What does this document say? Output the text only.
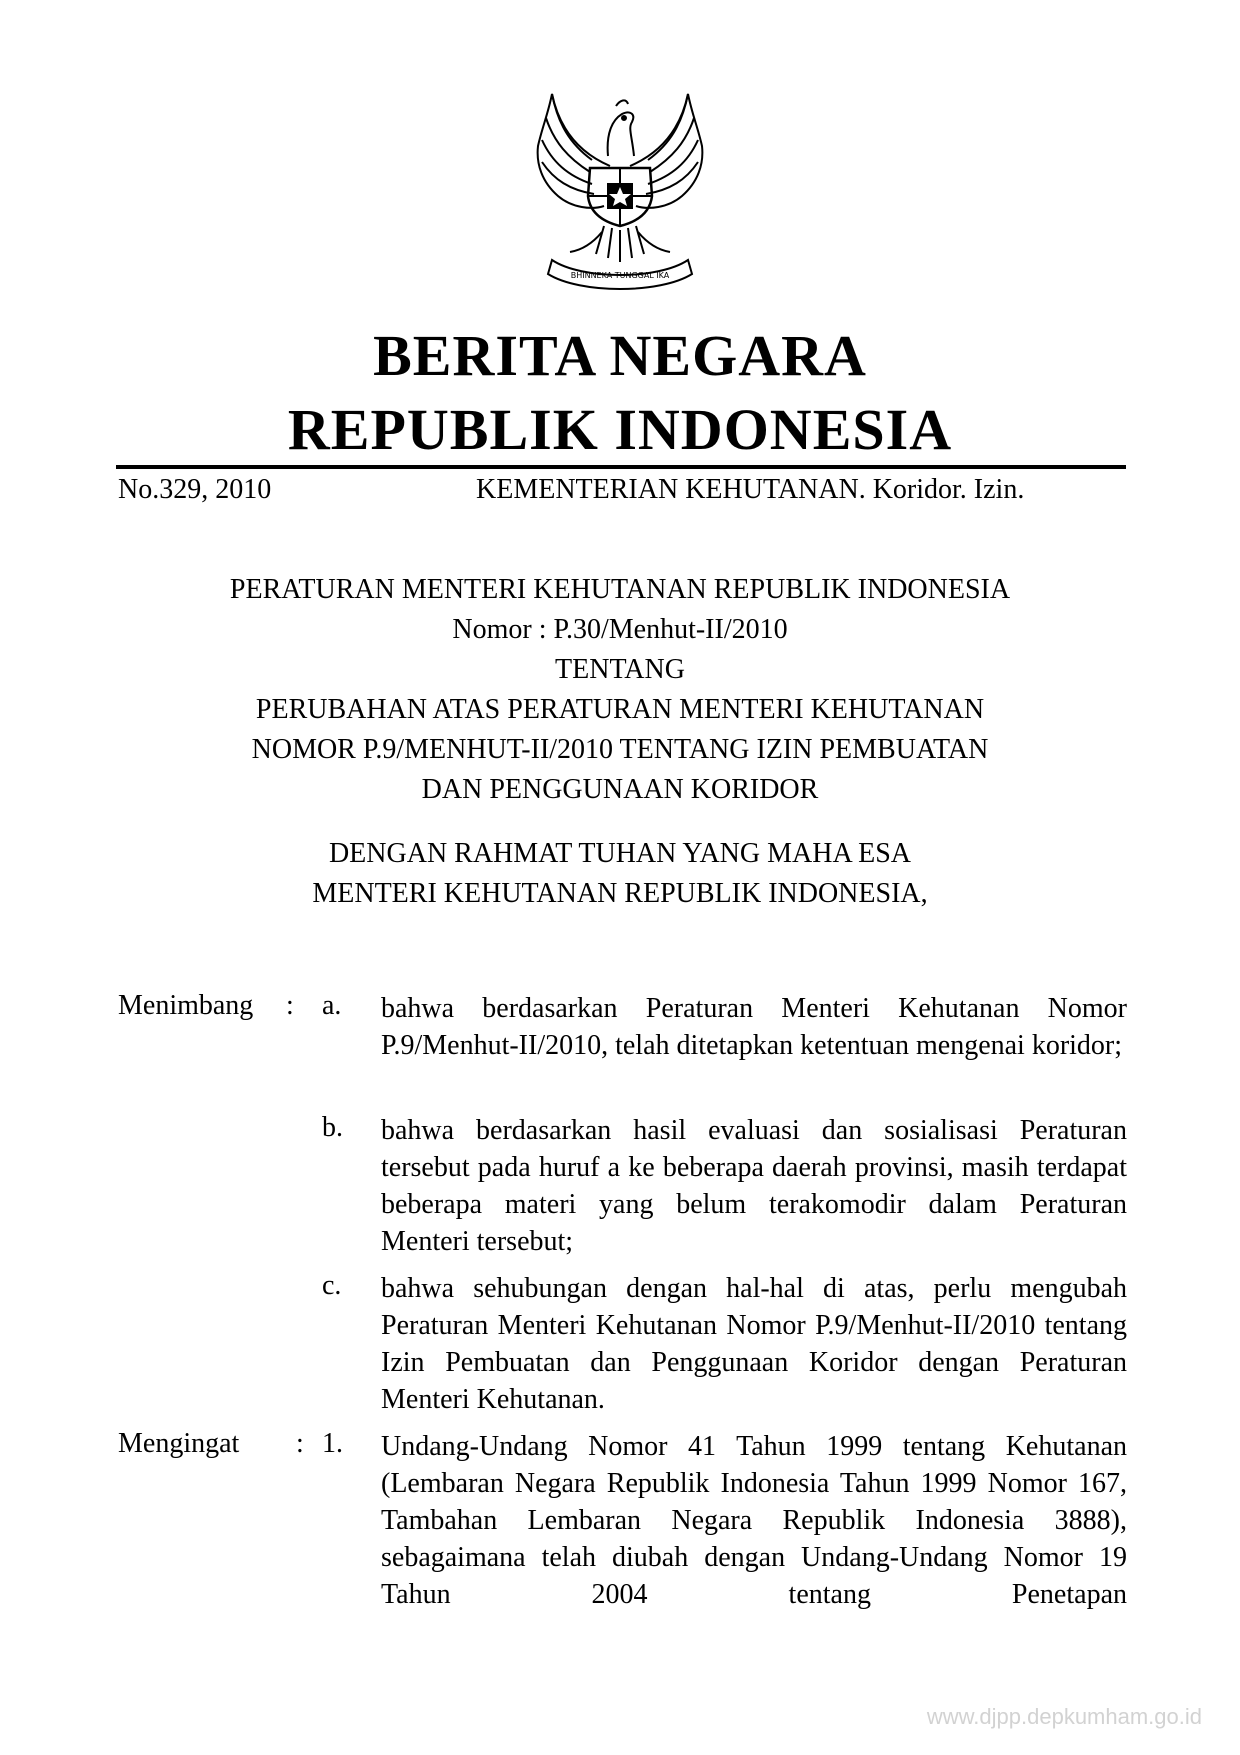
BHINNEKA TUNGGAL IKA
BERITA NEGARA
REPUBLIK INDONESIA
No.329, 2010	KEMENTERIAN KEHUTANAN. Koridor. Izin.
PERATURAN MENTERI KEHUTANAN REPUBLIK INDONESIA
Nomor : P.30/Menhut-II/2010
TENTANG
PERUBAHAN ATAS PERATURAN MENTERI KEHUTANAN
NOMOR P.9/MENHUT-II/2010 TENTANG IZIN PEMBUATAN
DAN PENGGUNAAN KORIDOR
DENGAN RAHMAT TUHAN YANG MAHA ESA
MENTERI KEHUTANAN REPUBLIK INDONESIA,
Menimbang : a. bahwa berdasarkan Peraturan Menteri Kehutanan Nomor P.9/Menhut-II/2010, telah ditetapkan ketentuan mengenai koridor;

b. bahwa berdasarkan hasil evaluasi dan sosialisasi Peraturan tersebut pada huruf a ke beberapa daerah provinsi, masih terdapat beberapa materi yang belum terakomodir dalam Peraturan Menteri tersebut;

c. bahwa sehubungan dengan hal-hal di atas, perlu mengubah Peraturan Menteri Kehutanan Nomor P.9/Menhut-II/2010 tentang Izin Pembuatan dan Penggunaan Koridor dengan Peraturan Menteri Kehutanan.

Mengingat : 1. Undang-Undang Nomor 41 Tahun 1999 tentang Kehutanan (Lembaran Negara Republik Indonesia Tahun 1999 Nomor 167, Tambahan Lembaran Negara Republik Indonesia 3888), sebagaimana telah diubah dengan Undang-Undang Nomor 19 Tahun 2004 tentang Penetapan

www.djpp.depkumham.go.id
